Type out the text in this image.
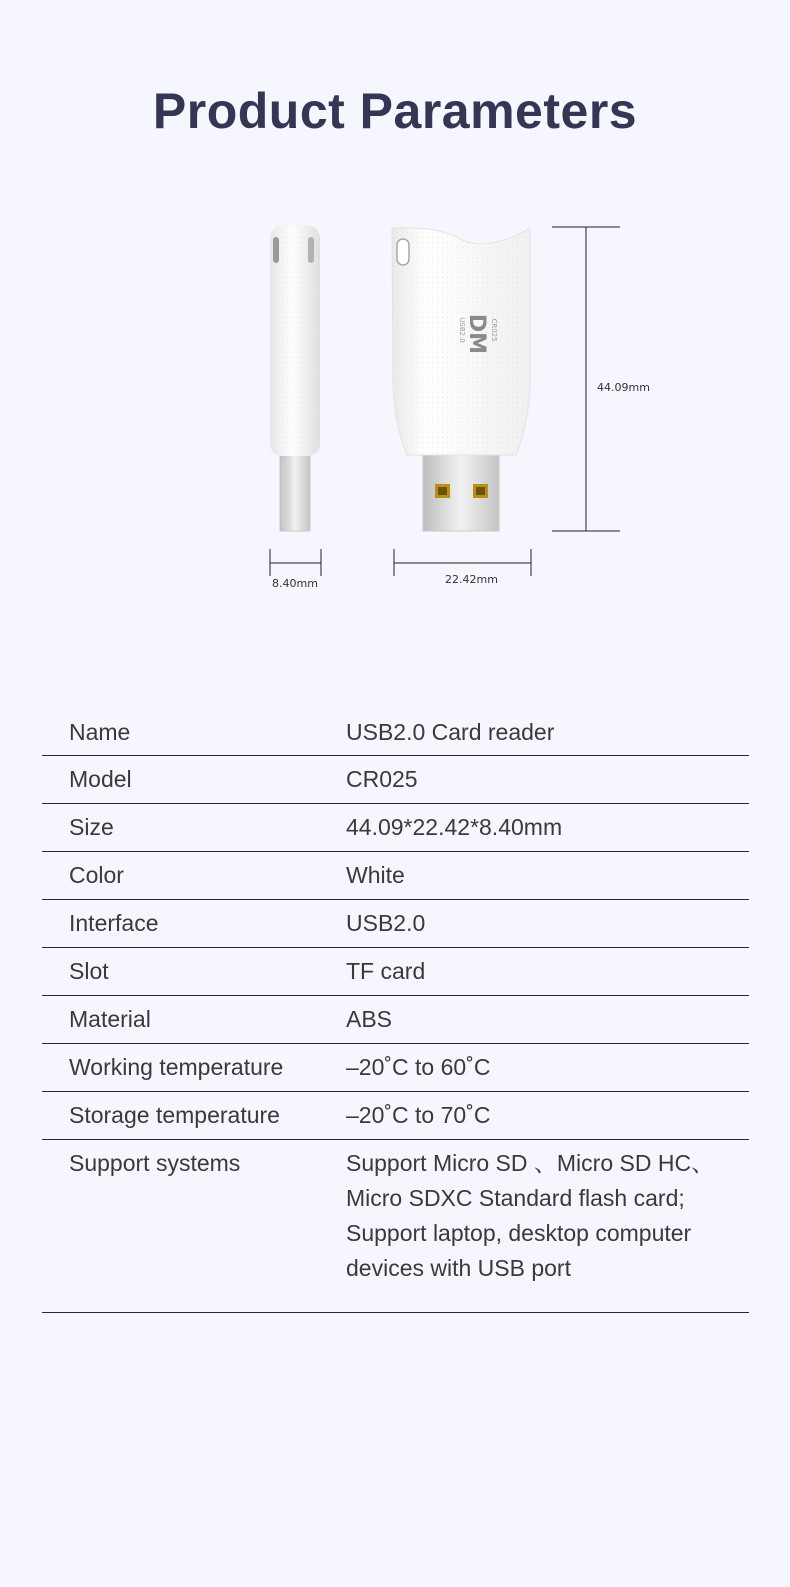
Product Parameters
DM
USB2.0	CR025
44.09mm
8.40mm	22.42mm
Name	USB2.0 Card reader
Model	CR025
Size	44.09*22.42*8.40mm
Color	White
Interface	USB2.0
Slot	TF card
Material	ABS
Working temperature	–20˚C to 60˚C
Storage temperature	–20˚C to 70˚C
Support systems	Support Micro SD 、Micro SD HC、
Micro SDXC Standard flash card;
Support laptop, desktop computer
devices with USB port
